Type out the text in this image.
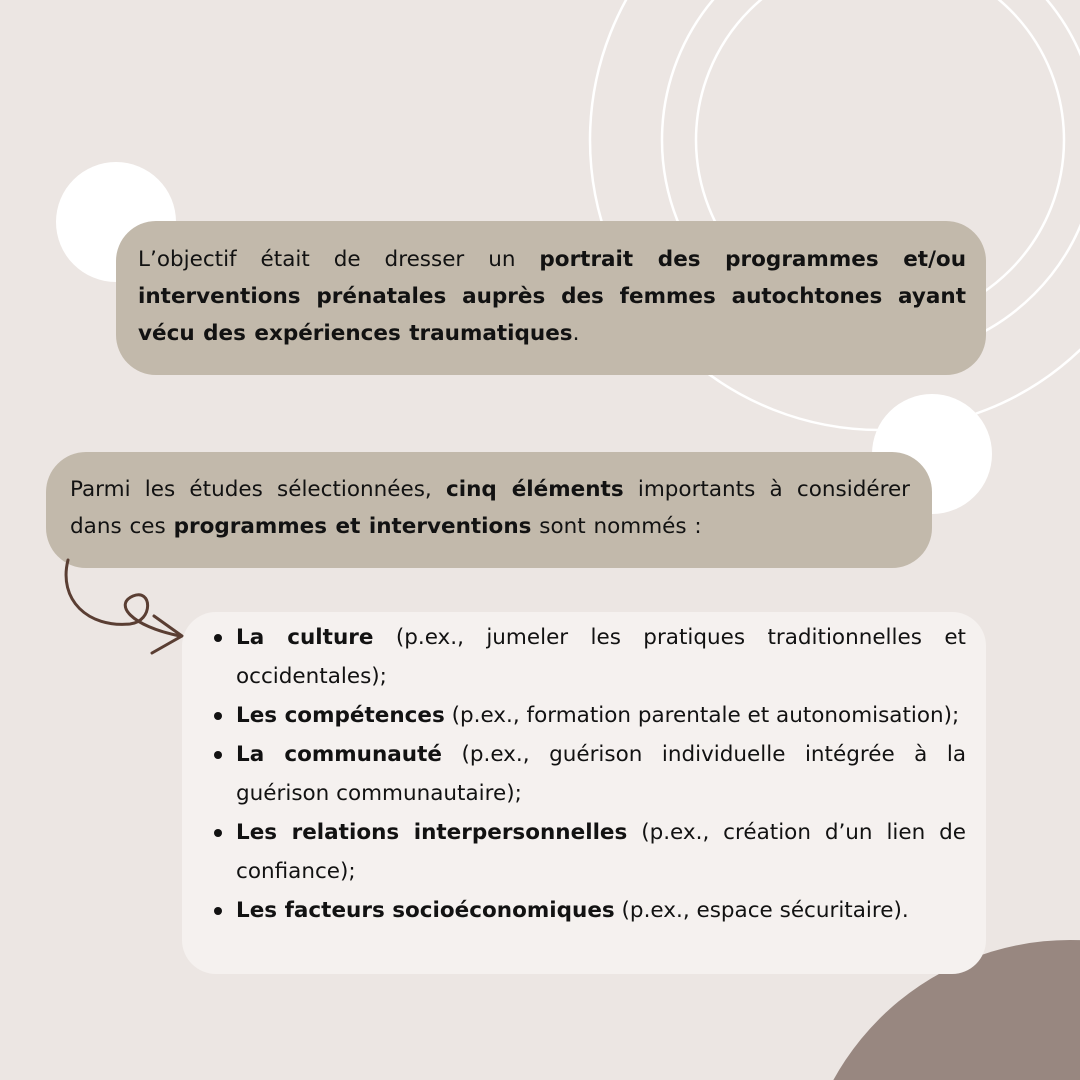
L’objectif était de dresser un portrait des programmes et/ou interventions prénatales auprès des femmes autochtones ayant vécu des expériences traumatiques.
Parmi les études sélectionnées, cinq éléments importants à considérer dans ces programmes et interventions sont nommés :
La culture (p.ex., jumeler les pratiques traditionnelles et occidentales);
Les compétences (p.ex., formation parentale et autonomisation);
La communauté (p.ex., guérison individuelle intégrée à la guérison communautaire);
Les relations interpersonnelles (p.ex., création d’un lien de confiance);
Les facteurs socioéconomiques (p.ex., espace sécuritaire).
